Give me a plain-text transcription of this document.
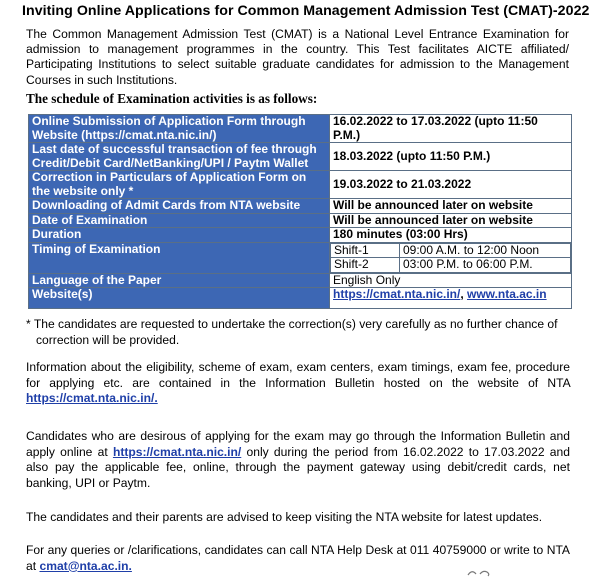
Inviting Online Applications for Common Management Admission Test (CMAT)-2022
The Common Management Admission Test (CMAT) is a National Level Entrance Examination for admission to management programmes in the country. This Test facilitates AICTE affiliated/ Participating Institutions to select suitable graduate candidates for admission to the Management Courses in such Institutions.
The schedule of Examination activities is as follows:
Online Submission of Application Form through Website (https://cmat.nta.nic.in/)	16.02.2022 to 17.03.2022 (upto 11:50 P.M.)
Last date of successful transaction of fee through Credit/Debit Card/NetBanking/UPI / Paytm Wallet	18.03.2022 (upto 11:50 P.M.)
Correction in Particulars of Application Form on the website only *	19.03.2022 to 21.03.2022
Downloading of Admit Cards from NTA website	Will be announced later on website
Date of Examination	Will be announced later on website
Duration	180 minutes (03:00 Hrs)
Timing of Examination		Shift-1	09:00 A.M. to 12:00 Noon
Shift-2	03:00 P.M. to 06:00 P.M.

Language of the Paper	English Only
Website(s)	https://cmat.nta.nic.in/, www.nta.ac.in
* The candidates are requested to undertake the correction(s) very carefully as no further chance of
correction will be provided.
Information about the eligibility, scheme of exam, exam centers, exam timings, exam fee, procedure for applying etc. are contained in the Information Bulletin hosted on the website of NTA https://cmat.nta.nic.in/.
Candidates who are desirous of applying for the exam may go through the Information Bulletin and apply online at https://cmat.nta.nic.in/ only during the period from 16.02.2022 to 17.03.2022 and also pay the applicable fee, online, through the payment gateway using debit/credit cards, net banking, UPI or Paytm.
The candidates and their parents are advised to keep visiting the NTA website for latest updates.
For any queries or /clarifications, candidates can call NTA Help Desk at 011 40759000 or write to NTA at cmat@nta.ac.in.
